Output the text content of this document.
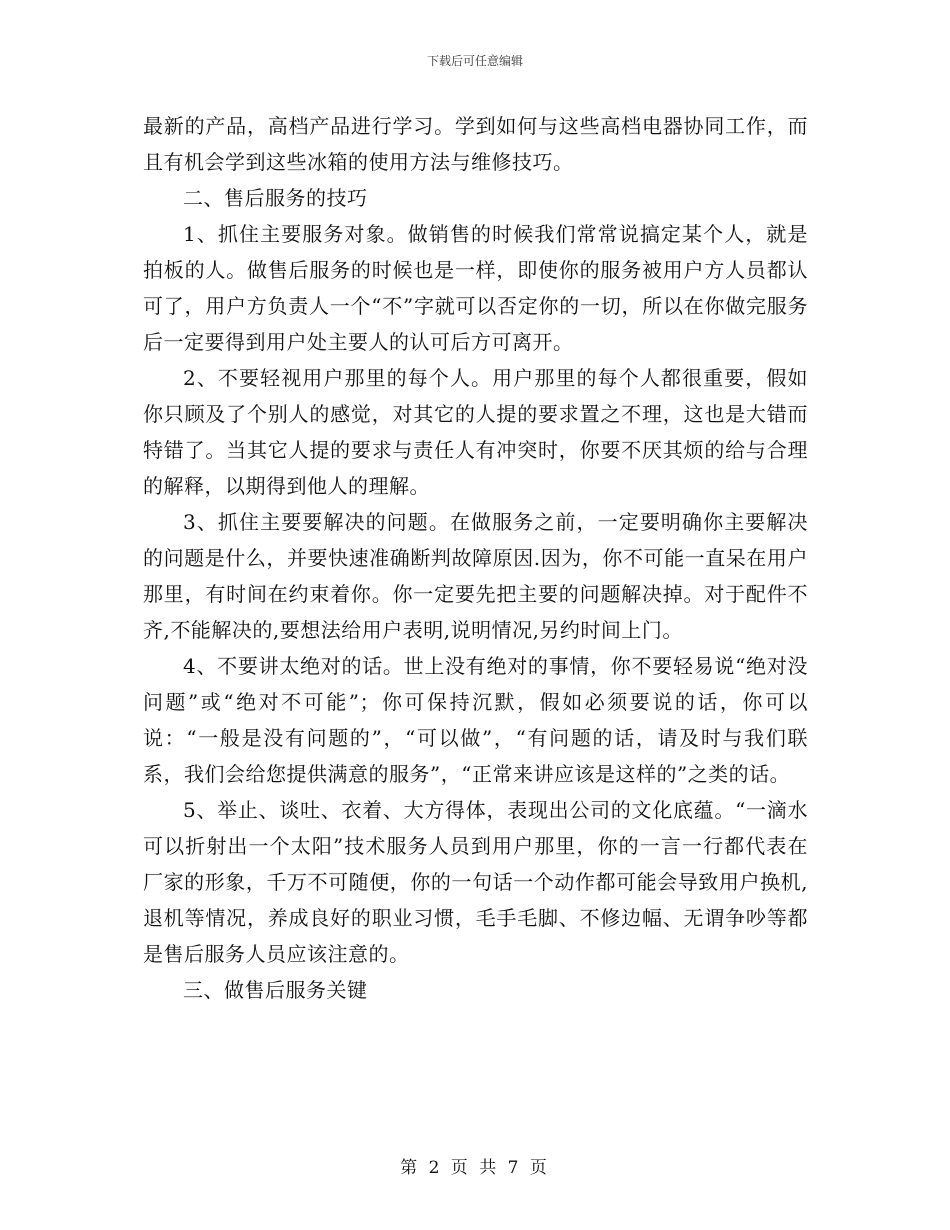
下载后可任意编辑

最新的产品，高档产品进行学习。学到如何与这些高档电器协同工作，而且有机会学到这些冰箱的使用方法与维修技巧。

二、售后服务的技巧

1、抓住主要服务对象。做销售的时候我们常常说搞定某个人，就是拍板的人。做售后服务的时候也是一样，即使你的服务被用户方人员都认可了，用户方负责人一个“不”字就可以否定你的一切，所以在你做完服务后一定要得到用户处主要人的认可后方可离开。

2、不要轻视用户那里的每个人。用户那里的每个人都很重要，假如你只顾及了个别人的感觉，对其它的人提的要求置之不理，这也是大错而特错了。当其它人提的要求与责任人有冲突时，你要不厌其烦的给与合理的解释，以期得到他人的理解。

3、抓住主要要解决的问题。在做服务之前，一定要明确你主要解决的问题是什么，并要快速准确断判故障原因.因为，你不可能一直呆在用户那里，有时间在约束着你。你一定要先把主要的问题解决掉。对于配件不齐,不能解决的,要想法给用户表明,说明情况,另约时间上门。

4、不要讲太绝对的话。世上没有绝对的事情，你不要轻易说“绝对没问题”或“绝对不可能”；你可保持沉默，假如必须要说的话，你可以说：“一般是没有问题的”，“可以做”，“有问题的话，请及时与我们联系，我们会给您提供满意的服务”，“正常来讲应该是这样的”之类的话。

5、举止、谈吐、衣着、大方得体，表现出公司的文化底蕴。“一滴水可以折射出一个太阳”技术服务人员到用户那里，你的一言一行都代表在厂家的形象，千万不可随便，你的一句话一个动作都可能会导致用户换机,退机等情况，养成良好的职业习惯，毛手毛脚、不修边幅、无谓争吵等都是售后服务人员应该注意的。

三、做售后服务关键

第 2 页 共 7 页
